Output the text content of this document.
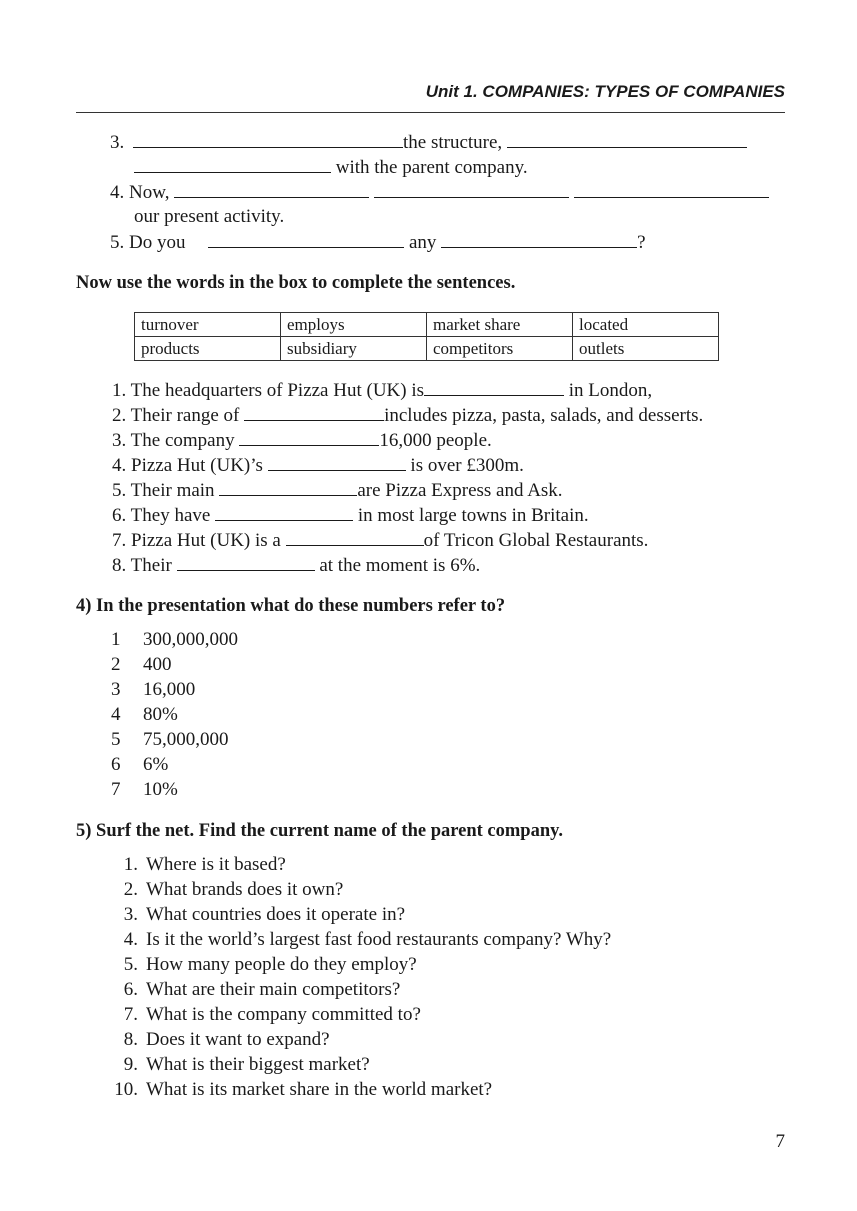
Unit 1. COMPANIES: TYPES OF COMPANIES
3.	the structure,
with the parent company.
4. Now,
our present activity.
5. Do you	any	?
Now use the words in the box to complete the sentences.
turnover	employs	market share	located
products	subsidiary	competitors	outlets
1. The headquarters of Pizza Hut (UK) is	in London,
2. Their range of	includes pizza, pasta, salads, and desserts.
3. The company	16,000 people.
4. Pizza Hut (UK)’s	is over £300m.
5. Their main	are Pizza Express and Ask.
6. They have	in most large towns in Britain.
7. Pizza Hut (UK) is a	of Tricon Global Restaurants.
8. Their	at the moment is 6%.
4) In the presentation what do these numbers refer to?
1 300,000,000
2 400
3 16,000
4 80%
5 75,000,000
6 6%
7 10%
5) Surf the net. Find the current name of the parent company.
1. Where is it based?
2. What brands does it own?
3. What countries does it operate in?
4. Is it the world’s largest fast food restaurants company? Why?
5. How many people do they employ?
6. What are their main competitors?
7. What is the company committed to?
8. Does it want to expand?
9. What is their biggest market?
10. What is its market share in the world market?
7
